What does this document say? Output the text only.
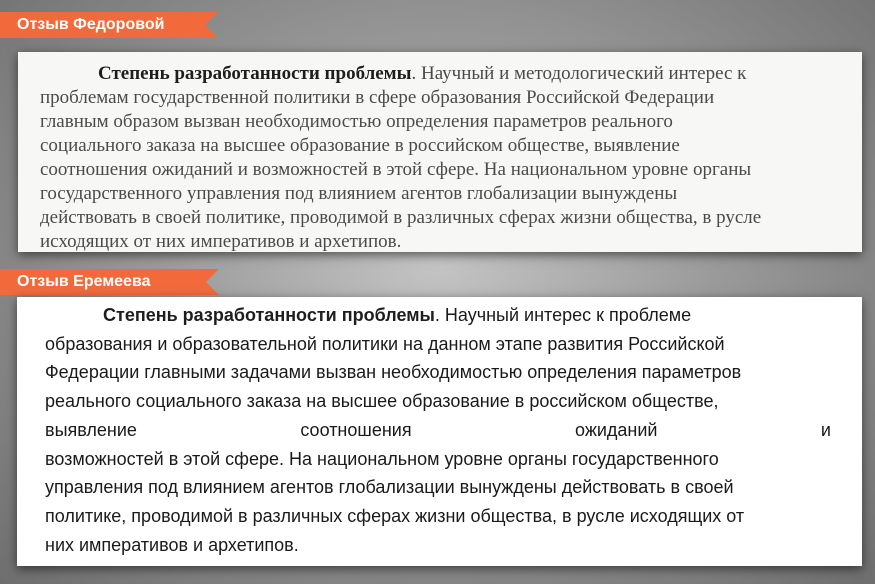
Отзыв Федоровой
Степень разработанности проблемы. Научный и методологический интерес к
проблемам государственной политики в сфере образования Российской Федерации
главным образом вызван необходимостью определения параметров реального
социального заказа на высшее образование в российском обществе, выявление
соотношения ожиданий и возможностей в этой сфере. На национальном уровне органы
государственного управления под влиянием агентов глобализации вынуждены
действовать в своей политике, проводимой в различных сферах жизни общества, в русле
исходящих от них императивов и архетипов.
Отзыв Еремеева
Степень разработанности проблемы. Научный интерес к проблеме
образования и образовательной политики на данном этапе развития Российской
Федерации главными задачами вызван необходимостью определения параметров
реального социального заказа на высшее образование в российском обществе,
выявление	соотношения	ожиданий	и
возможностей в этой сфере. На национальном уровне органы государственного
управления под влиянием агентов глобализации вынуждены действовать в своей
политике, проводимой в различных сферах жизни общества, в русле исходящих от
них императивов и архетипов.
